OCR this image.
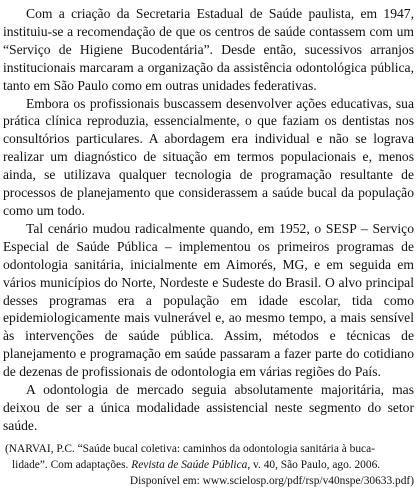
Com a criação da Secretaria Estadual de Saúde paulista, em 1947, instituiu-se a recomendação de que os centros de saúde contassem com um “Serviço de Higiene Bucodentária”. Desde então, sucessivos arranjos institucionais marcaram a organização da assistência odontológica pública, tanto em São Paulo como em outras unidades federativas.

Embora os profissionais buscassem desenvolver ações educativas, sua prática clínica reproduzia, essencialmente, o que faziam os dentistas nos consultórios particulares. A abordagem era individual e não se lograva realizar um diagnóstico de situação em termos populacionais e, menos ainda, se utilizava qualquer tecnologia de programação resultante de processos de planejamento que considerassem a saúde bucal da população como um todo.

Tal cenário mudou radicalmente quando, em 1952, o SESP – Serviço Especial de Saúde Pública – implementou os primeiros programas de odontologia sanitária, inicialmente em Aimorés, MG, e em seguida em vários municípios do Norte, Nordeste e Sudeste do Brasil. O alvo principal desses programas era a população em idade escolar, tida como epidemiologicamente mais vulnerável e, ao mesmo tempo, a mais sensível às intervenções de saúde pública. Assim, métodos e técnicas de planejamento e programação em saúde passaram a fazer parte do cotidiano de dezenas de profissionais de odontologia em várias regiões do País.

A odontologia de mercado seguia absolutamente majoritária, mas deixou de ser a única modalidade assistencial neste segmento do setor saúde.

(NARVAI, P.C. “Saúde bucal coletiva: caminhos da odontologia sanitária à buca-
lidade”. Com adaptações. Revista de Saúde Pública, v. 40, São Paulo, ago. 2006.
Disponível em: www.scielosp.org/pdf/rsp/v40nspe/30633.pdf)
